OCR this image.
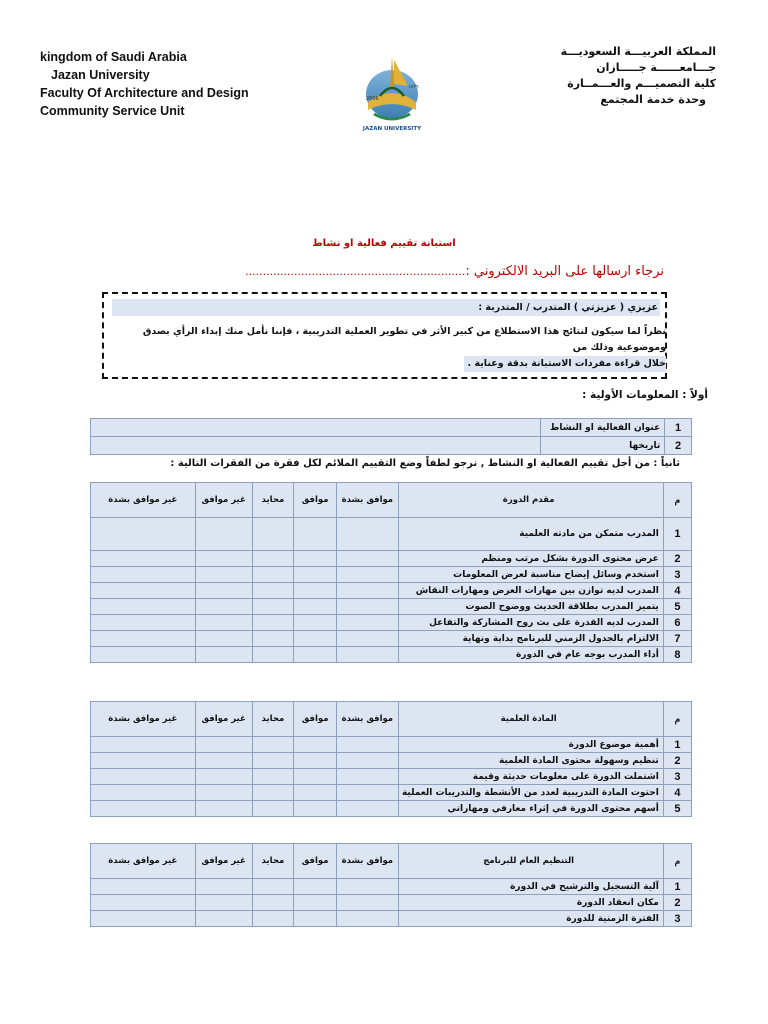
kingdom of Saudi Arabia
Jazan University
Faculty Of Architecture and Design
Community Service Unit
المملكة العربيـــة السعوديـــة
جـــامعــــــة جـــــازان
كلية التصميـــم والعـــمــارة
وحدة خدمة المجتمع
2006
١٤٢٦
JAZAN UNIVERSITY
استبانة تقييم فعالية او نشاط
نرجاء ارسالها على البريد الالكتروني :...............................................................
عزيزي ( عزيزتي ) المتدرب / المتدربة :
نظراً لما سيكون لنتائج هذا الاستطلاع من كبير الأثر في تطوير العملية التدريبية ، فإننا نأمل منك إبداء الرأي بصدق وموضوعية وذلك من
خلال قراءة مفردات الاستبانة بدقة وعناية .
أولاً : المعلومات الأولية :
	عنوان الفعالية او النشاط	1
	تاريخها	2
ثانياً : من أجل تقييم الفعالية او النشاط , نرجو لطفاً وضع التقييم الملائم لكل فقرة من الفقرات التالية :
غير موافق بشدة	غير موافق	محايد	موافق	موافق بشدة	مقدم الدورة	م
					المدرب متمكن من مادته العلمية	1
					عرض محتوى الدورة بشكل مرتب ومنظم	2
					استخدم وسائل إيضاح مناسبة لعرض المعلومات	3
					المدرب لديه توازن بين مهارات العرض ومهارات النقاش	4
					يتميز المدرب بطلاقة الحديث ووضوح الصوت	5
					المدرب لديه القدرة على بث روح المشاركة والتفاعل	6
					الالتزام بالجدول الزمني للبرنامج بداية ونهاية	7
					أداء المدرب بوجه عام في الدورة	8
غير موافق بشدة	غير موافق	محايد	موافق	موافق بشدة	المادة العلمية	م
					أهمية موضوع الدورة	1
					تنظيم وسهولة محتوى المادة العلمية	2
					اشتملت الدورة على معلومات حديثة وقيمة	3
					احتوت المادة التدريبية لعدد من الأنشطة والتدريبات العملية	4
					أسهم محتوى الدورة في إثراء معارفي ومهاراتي	5
غير موافق بشدة	غير موافق	محايد	موافق	موافق بشدة	التنظيم العام للبرنامج	م
					آلية التسجيل والترشيح في الدورة	1
					مكان انعقاد الدورة	2
					الفترة الزمنية للدورة	3
